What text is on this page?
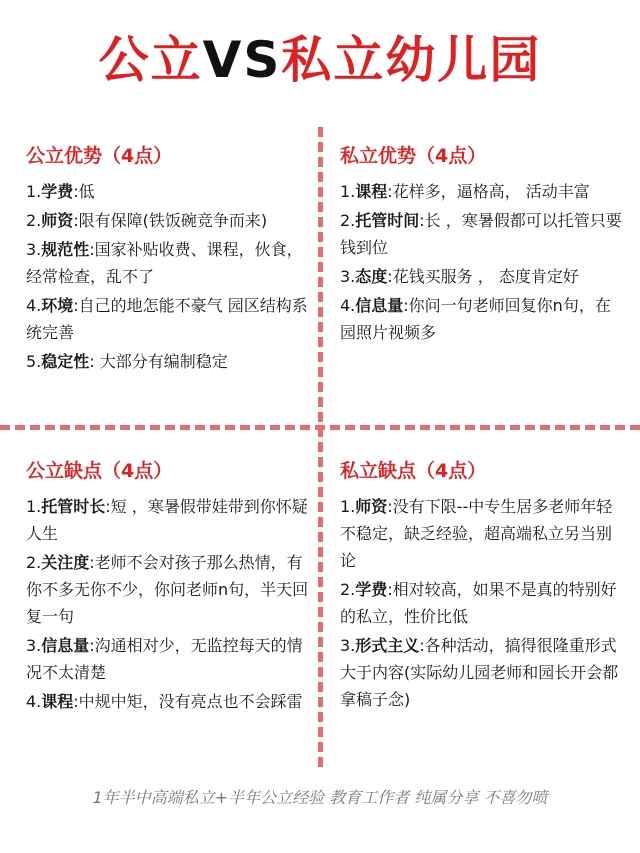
公立VS私立幼儿园
公立优势（4点）
1.学费:低
2.师资:限有保障(铁饭碗竞争而来)
3.规范性:国家补贴收费、课程，伙食，经常检查，乱不了
4.环境:自己的地怎能不豪气 园区结构系统完善
5.稳定性: 大部分有编制稳定
私立优势（4点）
1.课程:花样多，逼格高， 活动丰富
2.托管时间:长 ，寒暑假都可以托管只要钱到位
3.态度:花钱买服务 ， 态度肯定好
4.信息量:你问一句老师回复你n句，在园照片视频多
公立缺点（4点）
1.托管时长:短 ，寒暑假带娃带到你怀疑人生
2.关注度:老师不会对孩子那么热情，有你不多无你不少，你问老师n句，半天回复一句
3.信息量:沟通相对少，无监控每天的情况不太清楚
4.课程:中规中矩，没有亮点也不会踩雷
私立缺点（4点）
1.师资:没有下限--中专生居多老师年轻不稳定，缺乏经验，超高端私立另当别论
2.学费:相对较高，如果不是真的特别好的私立，性价比低
3.形式主义:各种活动，搞得很隆重形式大于内容(实际幼儿园老师和园长开会都拿稿子念)
1年半中高端私立+半年公立经验 教育工作者 纯属分享 不喜勿喷
